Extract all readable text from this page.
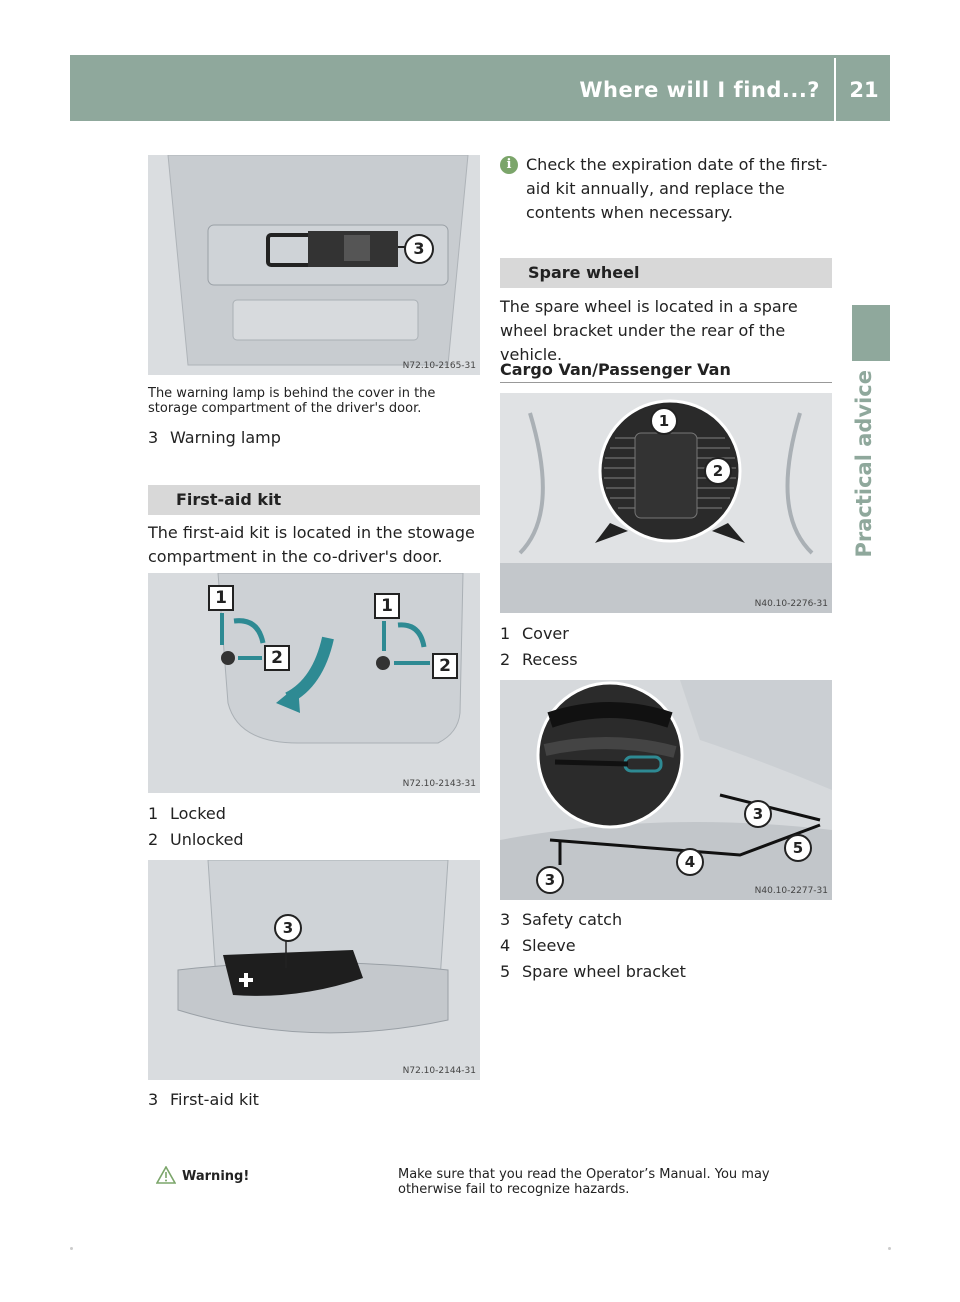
Where will I find...?	21
Practical advice
3
N72.10-2165-31
The warning lamp is behind the cover in the storage compartment of the driver's door.
3 Warning lamp
First-aid kit
The first-aid kit is located in the stowage compartment in the co-driver's door.
1
2
1
2
N72.10-2143-31
1 Locked
2 Unlocked
3
N72.10-2144-31
3 First-aid kit
i Check the expiration date of the first-aid kit annually, and replace the contents when necessary.
Spare wheel
The spare wheel is located in a spare wheel bracket under the rear of the vehicle.
Cargo Van/Passenger Van
1
2
N40.10-2276-31
1 Cover
2 Recess
3
4
5
3
N40.10-2277-31
3 Safety catch
4 Sleeve
5 Spare wheel bracket
Warning!	Make sure that you read the Operator’s Manual. You may otherwise fail to recognize hazards.
